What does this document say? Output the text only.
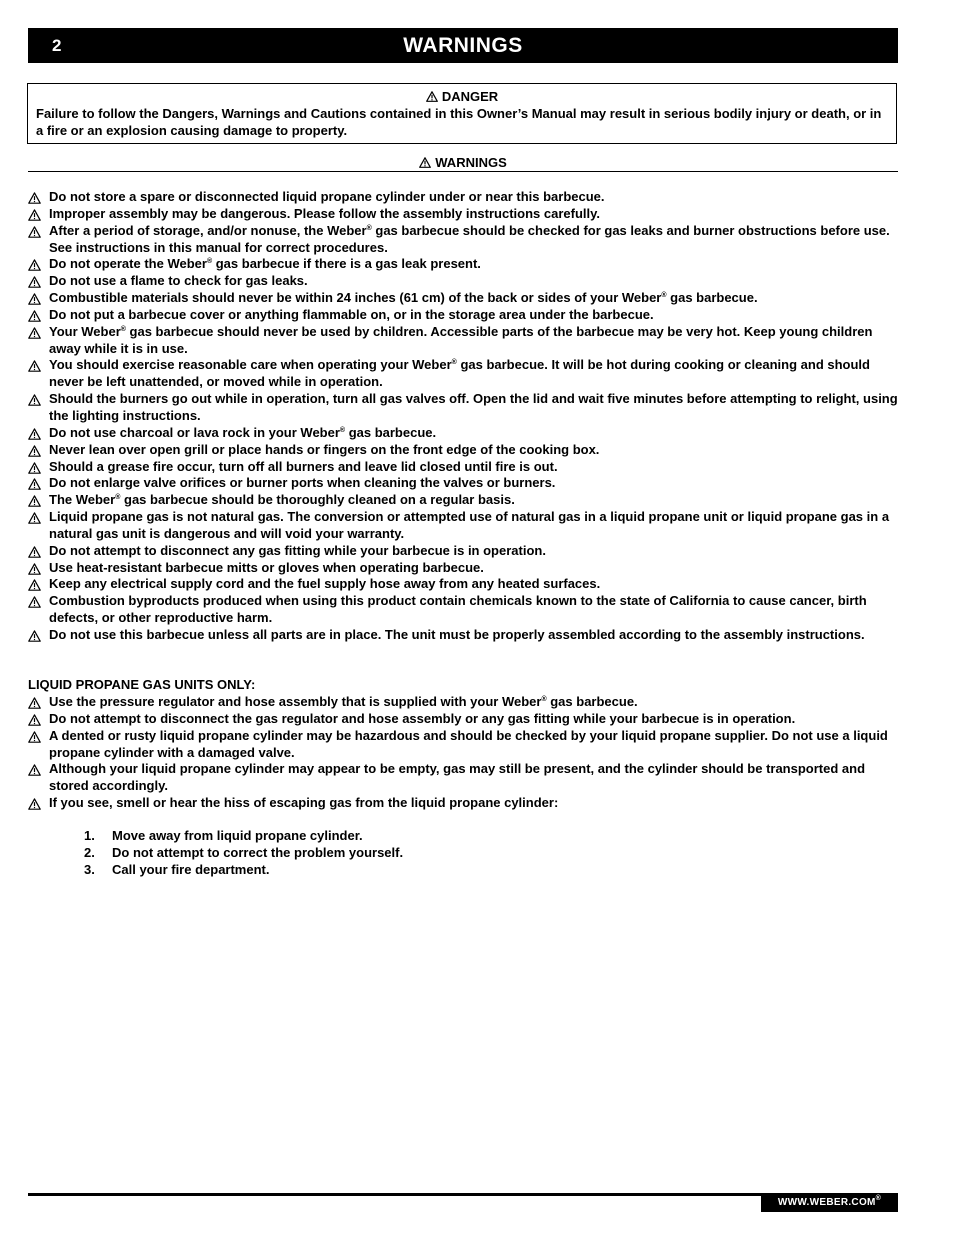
2	WARNINGS
DANGER
Failure to follow the Dangers, Warnings and Cautions contained in this Owner’s Manual may result in serious bodily injury or death, or in a fire or an explosion causing damage to property.
WARNINGS
Do not store a spare or disconnected liquid propane cylinder under or near this barbecue.
Improper assembly may be dangerous. Please follow the assembly instructions carefully.
After a period of storage, and/or nonuse, the Weber® gas barbecue should be checked for gas leaks and burner obstructions before use. See instructions in this manual for correct procedures.
Do not operate the Weber® gas barbecue if there is a gas leak present.
Do not use a flame to check for gas leaks.
Combustible materials should never be within 24 inches (61 cm) of the back or sides of your Weber® gas barbecue.
Do not put a barbecue cover or anything flammable on, or in the storage area under the barbecue.
Your Weber® gas barbecue should never be used by children. Accessible parts of the barbecue may be very hot. Keep young children away while it is in use.
You should exercise reasonable care when operating your Weber® gas barbecue. It will be hot during cooking or cleaning and should never be left unattended, or moved while in operation.
Should the burners go out while in operation, turn all gas valves off. Open the lid and wait five minutes before attempting to relight, using the lighting instructions.
Do not use charcoal or lava rock in your Weber® gas barbecue.
Never lean over open grill or place hands or fingers on the front edge of the cooking box.
Should a grease fire occur, turn off all burners and leave lid closed until fire is out.
Do not enlarge valve orifices or burner ports when cleaning the valves or burners.
The Weber® gas barbecue should be thoroughly cleaned on a regular basis.
Liquid propane gas is not natural gas. The conversion or attempted use of natural gas in a liquid propane unit or liquid propane gas in a natural gas unit is dangerous and will void your warranty.
Do not attempt to disconnect any gas fitting while your barbecue is in operation.
Use heat-resistant barbecue mitts or gloves when operating barbecue.
Keep any electrical supply cord and the fuel supply hose away from any heated surfaces.
Combustion byproducts produced when using this product contain chemicals known to the state of California to cause cancer, birth defects, or other reproductive harm.
Do not use this barbecue unless all parts are in place. The unit must be properly assembled according to the assembly instructions.
LIQUID PROPANE GAS UNITS ONLY:
Use the pressure regulator and hose assembly that is supplied with your Weber® gas barbecue.
Do not attempt to disconnect the gas regulator and hose assembly or any gas fitting while your barbecue is in operation.
A dented or rusty liquid propane cylinder may be hazardous and should be checked by your liquid propane supplier. Do not use a liquid propane cylinder with a damaged valve.
Although your liquid propane cylinder may appear to be empty, gas may still be present, and the cylinder should be transported and stored accordingly.
If you see, smell or hear the hiss of escaping gas from the liquid propane cylinder:
1. Move away from liquid propane cylinder.
2. Do not attempt to correct the problem yourself.
3. Call your fire department.
WWW.WEBER.COM®
